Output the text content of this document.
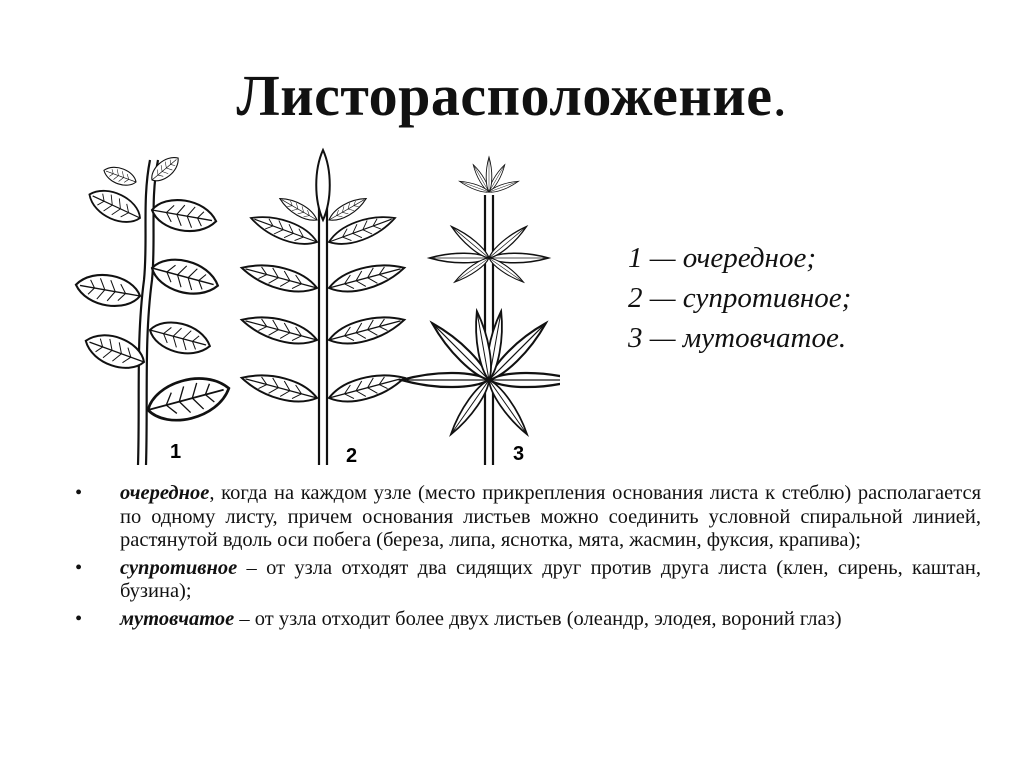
Листорасположение.
1	2	3
1 — очередное;
2 — супротивное;
3 — мутовчатое.
• очередное, когда на каждом узле (место прикрепления основания листа к стеблю) располагается по одному листу, причем основания листьев можно соединить условной спиральной линией, растянутой вдоль оси побега (береза, липа, яснотка, мята, жасмин, фуксия, крапива);
• супротивное – от узла отходят два сидящих друг против друга листа (клен, сирень, каштан, бузина);
• мутовчатое – от узла отходит более двух листьев (олеандр, элодея, вороний глаз)
